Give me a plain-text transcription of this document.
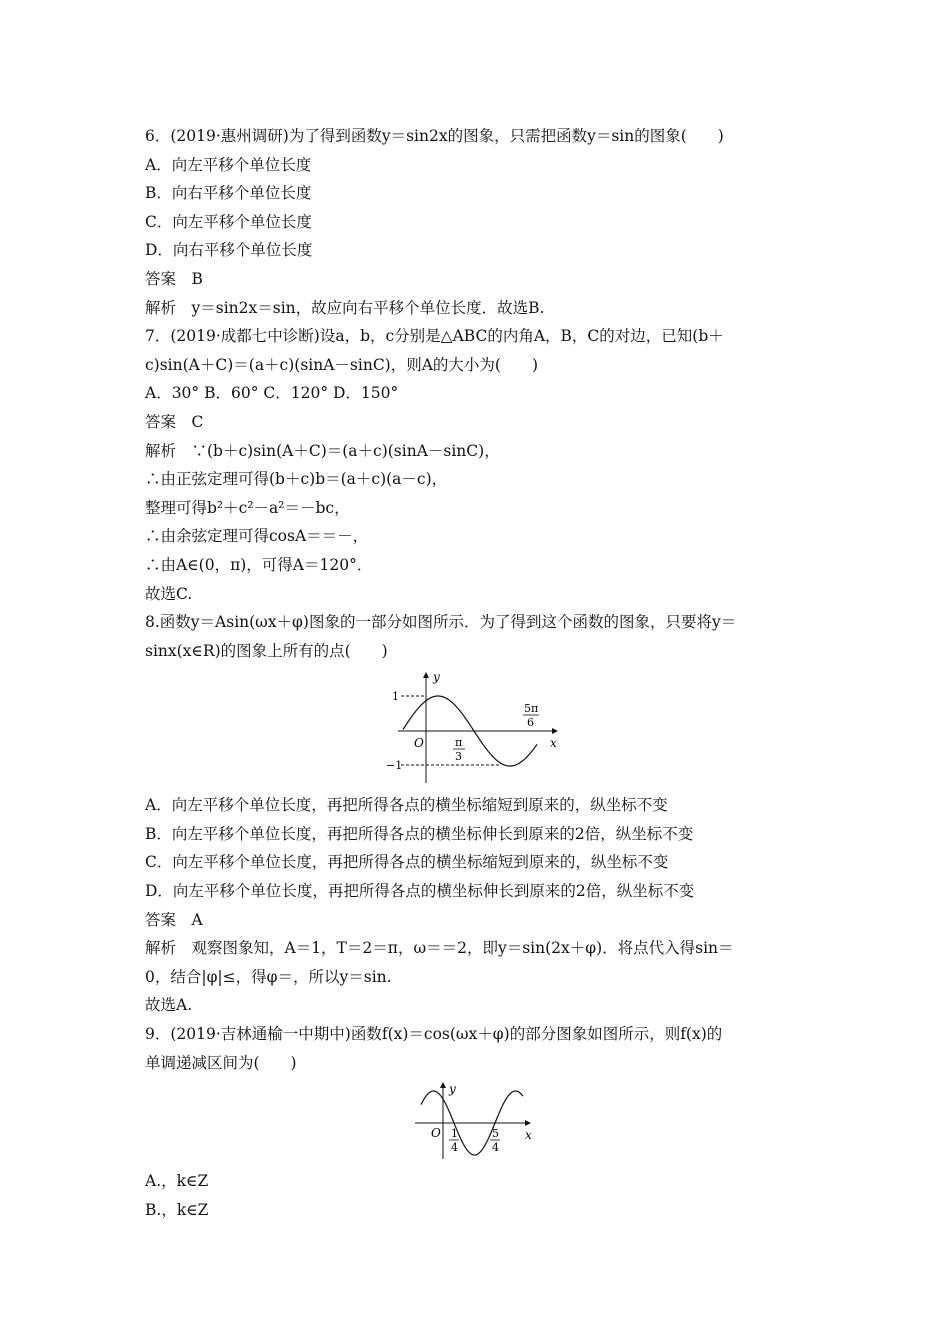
6．(2019·惠州调研)为了得到函数y＝sin2x的图象，只需把函数y＝sin的图象(　　)
A．向左平移个单位长度
B．向右平移个单位长度
C．向左平移个单位长度
D．向右平移个单位长度
答案　B
解析　y＝sin2x＝sin，故应向右平移个单位长度．故选B.
7．(2019·成都七中诊断)设a，b，c分别是△ABC的内角A，B，C的对边，已知(b＋
c)sin(A＋C)＝(a＋c)(sinA－sinC)，则A的大小为(　　)
A．30° B．60° C．120° D．150°
答案　C
解析　∵(b＋c)sin(A＋C)＝(a＋c)(sinA－sinC)，
∴由正弦定理可得(b＋c)b＝(a＋c)(a－c)，
整理可得b²＋c²－a²＝－bc，
∴由余弦定理可得cosA＝＝－，
∴由A∈(0，π)，可得A＝120°．
故选C.
8.函数y＝Asin(ωx＋φ)图象的一部分如图所示．为了得到这个函数的图象，只要将y＝
sinx(x∈R)的图象上所有的点(　　)
y
x
O
1
−1
π
3
5π
6
A．向左平移个单位长度，再把所得各点的横坐标缩短到原来的，纵坐标不变
B．向左平移个单位长度，再把所得各点的横坐标伸长到原来的2倍，纵坐标不变
C．向左平移个单位长度，再把所得各点的横坐标缩短到原来的，纵坐标不变
D．向左平移个单位长度，再把所得各点的横坐标伸长到原来的2倍，纵坐标不变
答案　A
解析　观察图象知，A＝1，T＝2＝π，ω＝＝2，即y＝sin(2x＋φ)．将点代入得sin＝
0，结合|φ|≤，得φ＝，所以y＝sin.
故选A.
9．(2019·吉林通榆一中期中)函数f(x)＝cos(ωx＋φ)的部分图象如图所示，则f(x)的
单调递减区间为(　　)
y
x
O 1
4
5
4
A.，k∈Z
B.，k∈Z
